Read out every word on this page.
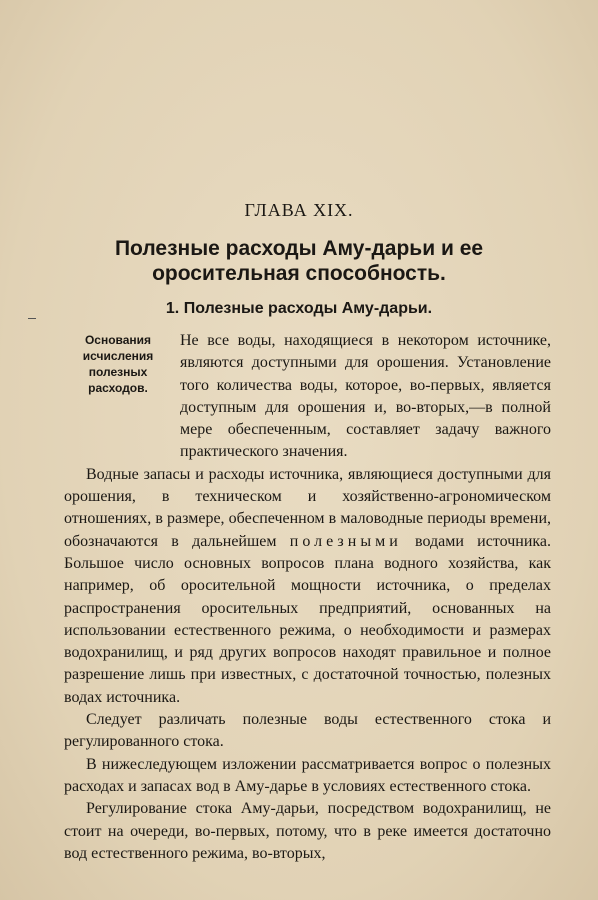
ГЛАВА XIX.
Полезные расходы Аму-дарьи и ее оросительная способность.
1. Полезные расходы Аму-дарьи.
Основания исчисления полезных расходов.

Не все воды, находящиеся в некотором источнике, являются доступными для орошения. Установление того количества воды, которое, во-первых, является доступным для орошения и, во-вторых,—в полной мере обеспеченным, составляет задачу важного практического значения.

Водные запасы и расходы источника, являющиеся доступными для орошения, в техническом и хозяйственно-агрономическом отношениях, в размере, обеспеченном в маловодные периоды времени, обозначаются в дальнейшем полезными водами источника. Большое число основных вопросов плана водного хозяйства, как например, об оросительной мощности источника, о пределах распространения оросительных предприятий, основанных на использовании естественного режима, о необходимости и размерах водохранилищ, и ряд других вопросов находят правильное и полное разрешение лишь при известных, с достаточной точностью, полезных водах источника.

Следует различать полезные воды естественного стока и регулированного стока.

В нижеследующем изложении рассматривается вопрос о полезных расходах и запасах вод в Аму-дарье в условиях естественного стока.

Регулирование стока Аму-дарьи, посредством водохранилищ, не стоит на очереди, во-первых, потому, что в реке имеется достаточно вод естественного режима, во-вторых,
